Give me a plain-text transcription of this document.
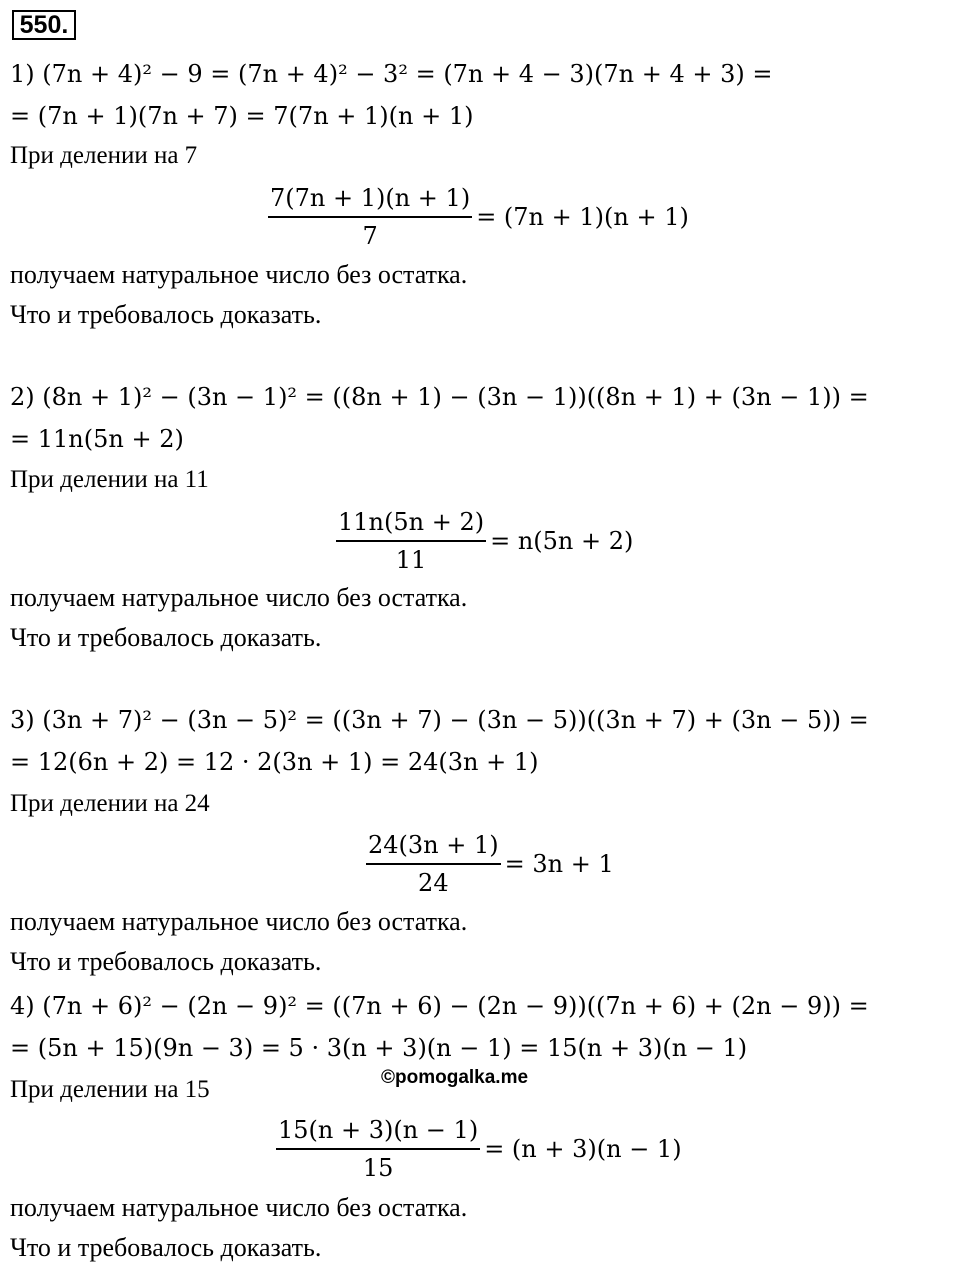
550.
1) (7n + 4)² − 9 = (7n + 4)² − 3² = (7n + 4 − 3)(7n + 4 + 3) =
= (7n + 1)(7n + 7) = 7(7n + 1)(n + 1)
При делении на 7
$\frac{7(7n + 1)(n + 1)}{7} = (7n + 1)(n + 1)$
получаем натуральное число без остатка.
Что и требовалось доказать.
2) (8n + 1)² − (3n − 1)² = ((8n + 1) − (3n − 1))((8n + 1) + (3n − 1)) =
= 11n(5n + 2)
При делении на 11
$\frac{11n(5n + 2)}{11} = n(5n + 2)$
получаем натуральное число без остатка.
Что и требовалось доказать.
3) (3n + 7)² − (3n − 5)² = ((3n + 7) − (3n − 5))((3n + 7) + (3n − 5)) =
= 12(6n + 2) = 12 · 2(3n + 1) = 24(3n + 1)
При делении на 24
$\frac{24(3n + 1)}{24} = 3n + 1$
получаем натуральное число без остатка.
Что и требовалось доказать.
4) (7n + 6)² − (2n − 9)² = ((7n + 6) − (2n − 9))((7n + 6) + (2n − 9)) =
= (5n + 15)(9n − 3) = 5 · 3(n + 3)(n − 1) = 15(n + 3)(n − 1)
При делении на 15	©pomogalka.me
$\frac{15(n + 3)(n - 1)}{15} = (n + 3)(n - 1)$
получаем натуральное число без остатка.
Что и требовалось доказать.
